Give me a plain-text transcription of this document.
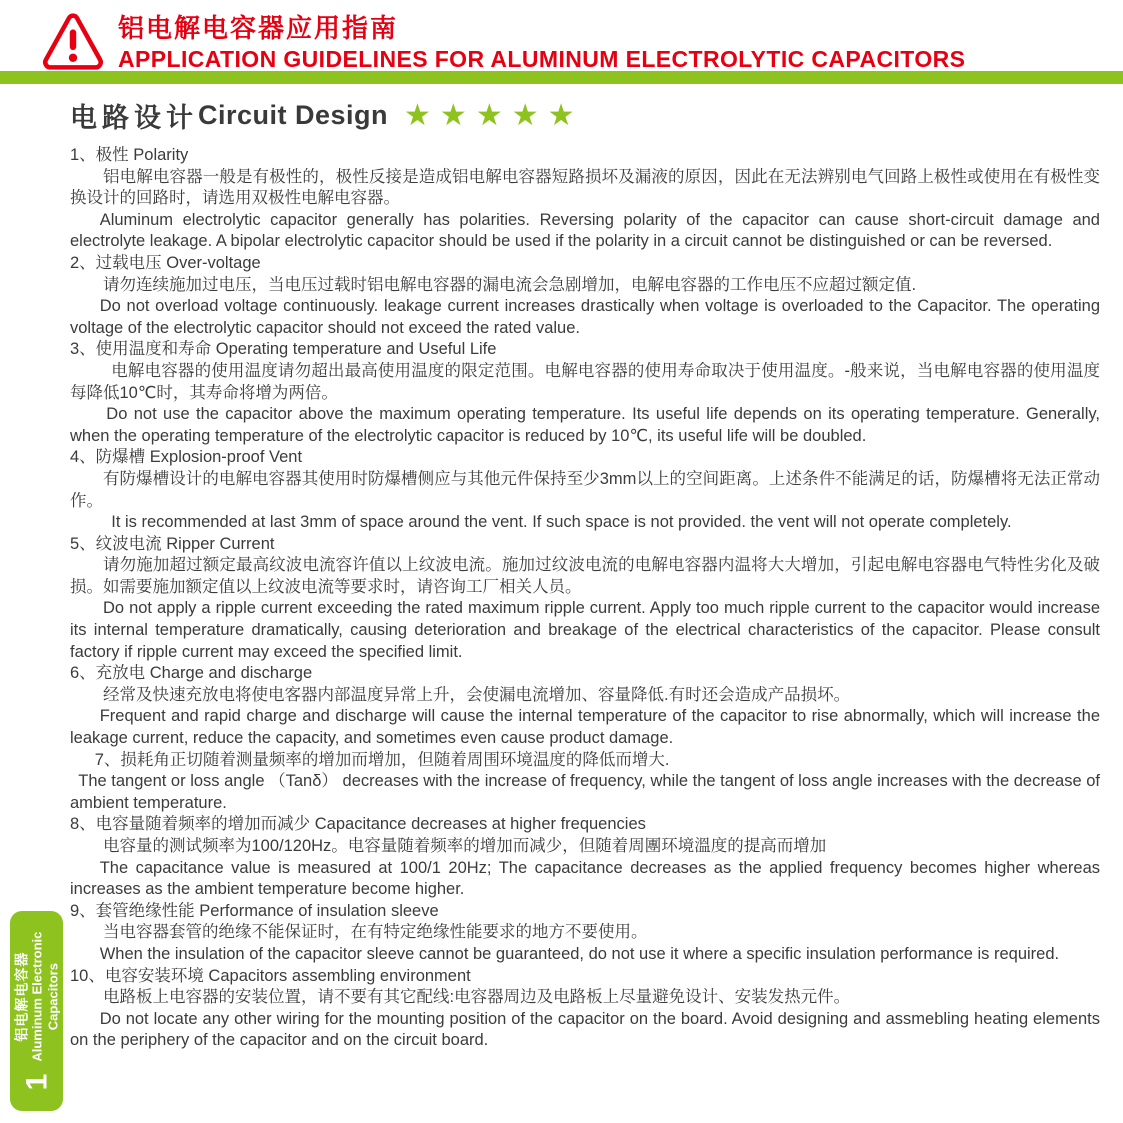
铝电解电容器应用指南
APPLICATION GUIDELINES FOR ALUMINUM ELECTROLYTIC CAPACITORS
电路设计 Circuit Design ★★★★★

1、极性 Polarity

铝电解电容器一般是有极性的，极性反接是造成铝电解电容器短路损坏及漏液的原因，因此在无法辨别电气回路上极性或使用在有极性变换设计的回路时，请选用双极性电解电容器。

Aluminum electrolytic capacitor generally has polarities. Reversing polarity of the capacitor can cause short-circuit damage and electrolyte leakage. A bipolar electrolytic capacitor should be used if the polarity in a circuit cannot be distinguished or can be reversed.

2、过载电压 Over-voltage

请勿连续施加过电压，当电压过载时铝电解电容器的漏电流会急剧增加，电解电容器的工作电压不应超过额定值.

Do not overload voltage continuously. leakage current increases drastically when voltage is overloaded to the Capacitor. The operating voltage of the electrolytic capacitor should not exceed the rated value.

3、使用温度和寿命 Operating temperature and Useful Life

电解电容器的使用温度请勿超出最高使用温度的限定范围。电解电容器的使用寿命取决于使用温度。-般来说，当电解电容器的使用温度每降低10℃时，其寿命将增为两倍。

Do not use the capacitor above the maximum operating temperature. Its useful life depends on its operating temperature. Generally, when the operating temperature of the electrolytic capacitor is reduced by 10℃, its useful life will be doubled.

4、防爆槽 Explosion-proof Vent

有防爆槽设计的电解电容器其使用时防爆槽侧应与其他元件保持至少3mm以上的空间距离。上述条件不能满足的话，防爆槽将无法正常动作。

It is recommended at last 3mm of space around the vent. If such space is not provided. the vent will not operate completely.

5、纹波电流 Ripper Current

请勿施加超过额定最高纹波电流容许值以上纹波电流。施加过纹波电流的电解电容器内温将大大增加，引起电解电容器电气特性劣化及破损。如需要施加额定值以上纹波电流等要求时，请咨询工厂相关人员。

Do not apply a ripple current exceeding the rated maximum ripple current. Apply too much ripple current to the capacitor would increase its internal temperature dramatically, causing deterioration and breakage of the electrical characteristics of the capacitor. Please consult factory if ripple current may exceed the specified limit.

6、充放电 Charge and discharge

经常及快速充放电将使电客器内部温度异常上升，会使漏电流增加、容量降低.有时还会造成产品损坏。

Frequent and rapid charge and discharge will cause the internal temperature of the capacitor to rise abnormally, which will increase the leakage current, reduce the capacity, and sometimes even cause product damage.

7、损耗角正切随着测量频率的增加而增加，但随着周围环境温度的降低而增大.

The tangent or loss angle （Tanδ） decreases with the increase of frequency, while the tangent of loss angle increases with the decrease of ambient temperature.

8、电容量随着频率的增加而减少 Capacitance decreases at higher frequencies

电容量的测试频率为100/120Hz。电容量随着频率的增加而减少，但随着周團环境溫度的提高而增加

The capacitance value is measured at 100/1 20Hz; The capacitance decreases as the applied frequency becomes higher whereas increases as the ambient temperature become higher.

9、套管绝缘性能 Performance of insulation sleeve

当电容器套管的绝缘不能保证时，在有特定绝缘性能要求的地方不要使用。

When the insulation of the capacitor sleeve cannot be guaranteed, do not use it where a specific insulation performance is required.

10、电容安装环境 Capacitors assembling environment

电路板上电容器的安装位置，请不要有其它配线:电容器周边及电路板上尽量避免设计、安装发热元件。

Do not locate any other wiring for the mounting position of the capacitor on the board. Avoid designing and assmebling heating elements on the periphery of the capacitor and on the circuit board.

1
铝电解电容器 Aluminum Electronic Capacitors
